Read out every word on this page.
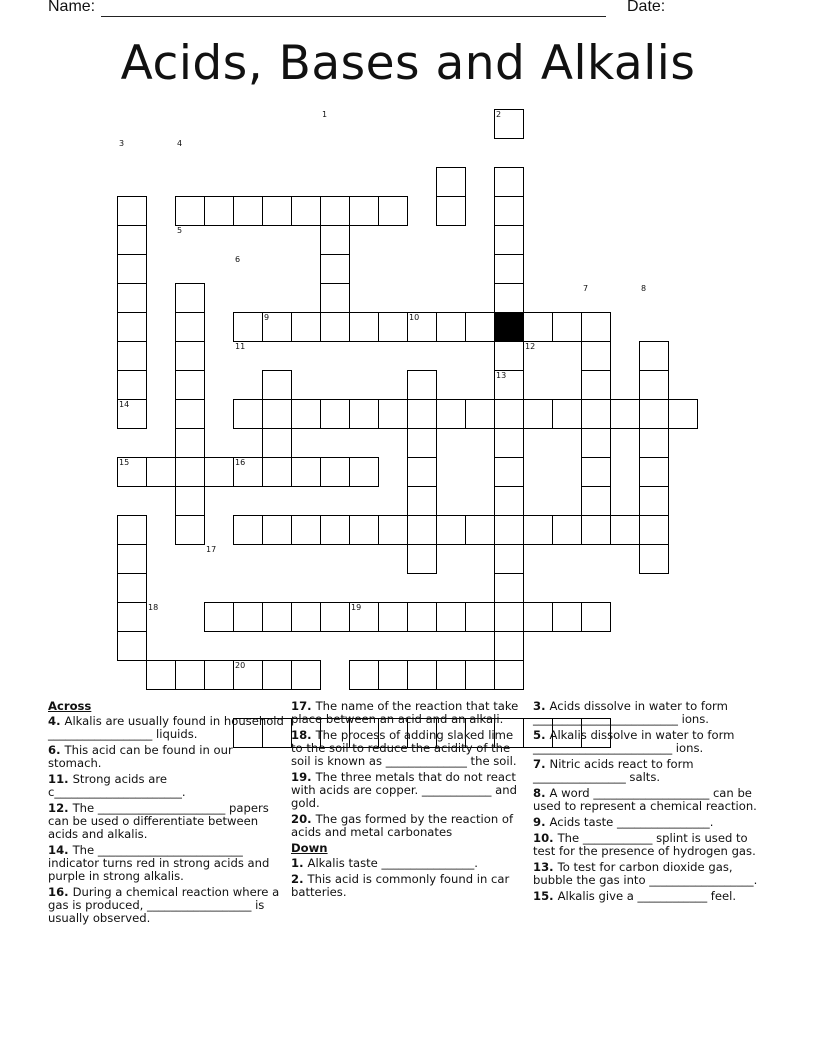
Name:	Date:
Acids, Bases and Alkalis
1	2
3	4
5
6
7	8
9	10
11	12
13
14
15	16
17
18	19
20
Across

4. Alkalis are usually found in household __________________ liquids.

6. This acid can be found in our stomach.

11. Strong acids are c______________________.

12. The ______________________ papers can be used o differentiate between acids and alkalis.

14. The _________________________ indicator turns red in strong acids and purple in strong alkalis.

16. During a chemical reaction where a gas is produced, __________________ is usually observed.

17. The name of the reaction that take place between an acid and an alkali.

18. The process of adding slaked lime to the soil to reduce the acidity of the soil is known as ______________ the soil.

19. The three metals that do not react with acids are copper. ____________ and gold.

20. The gas formed by the reaction of acids and metal carbonates

Down

1. Alkalis taste ________________.

2. This acid is commonly found in car batteries.

3. Acids dissolve in water to form _________________________ ions.

5. Alkalis dissolve in water to form ________________________ ions.

7. Nitric acids react to form ________________ salts.

8. A word ____________________ can be used to represent a chemical reaction.

9. Acids taste ________________.

10. The ____________ splint is used to test for the presence of hydrogen gas.

13. To test for carbon dioxide gas, bubble the gas into __________________.

15. Alkalis give a ____________ feel.
